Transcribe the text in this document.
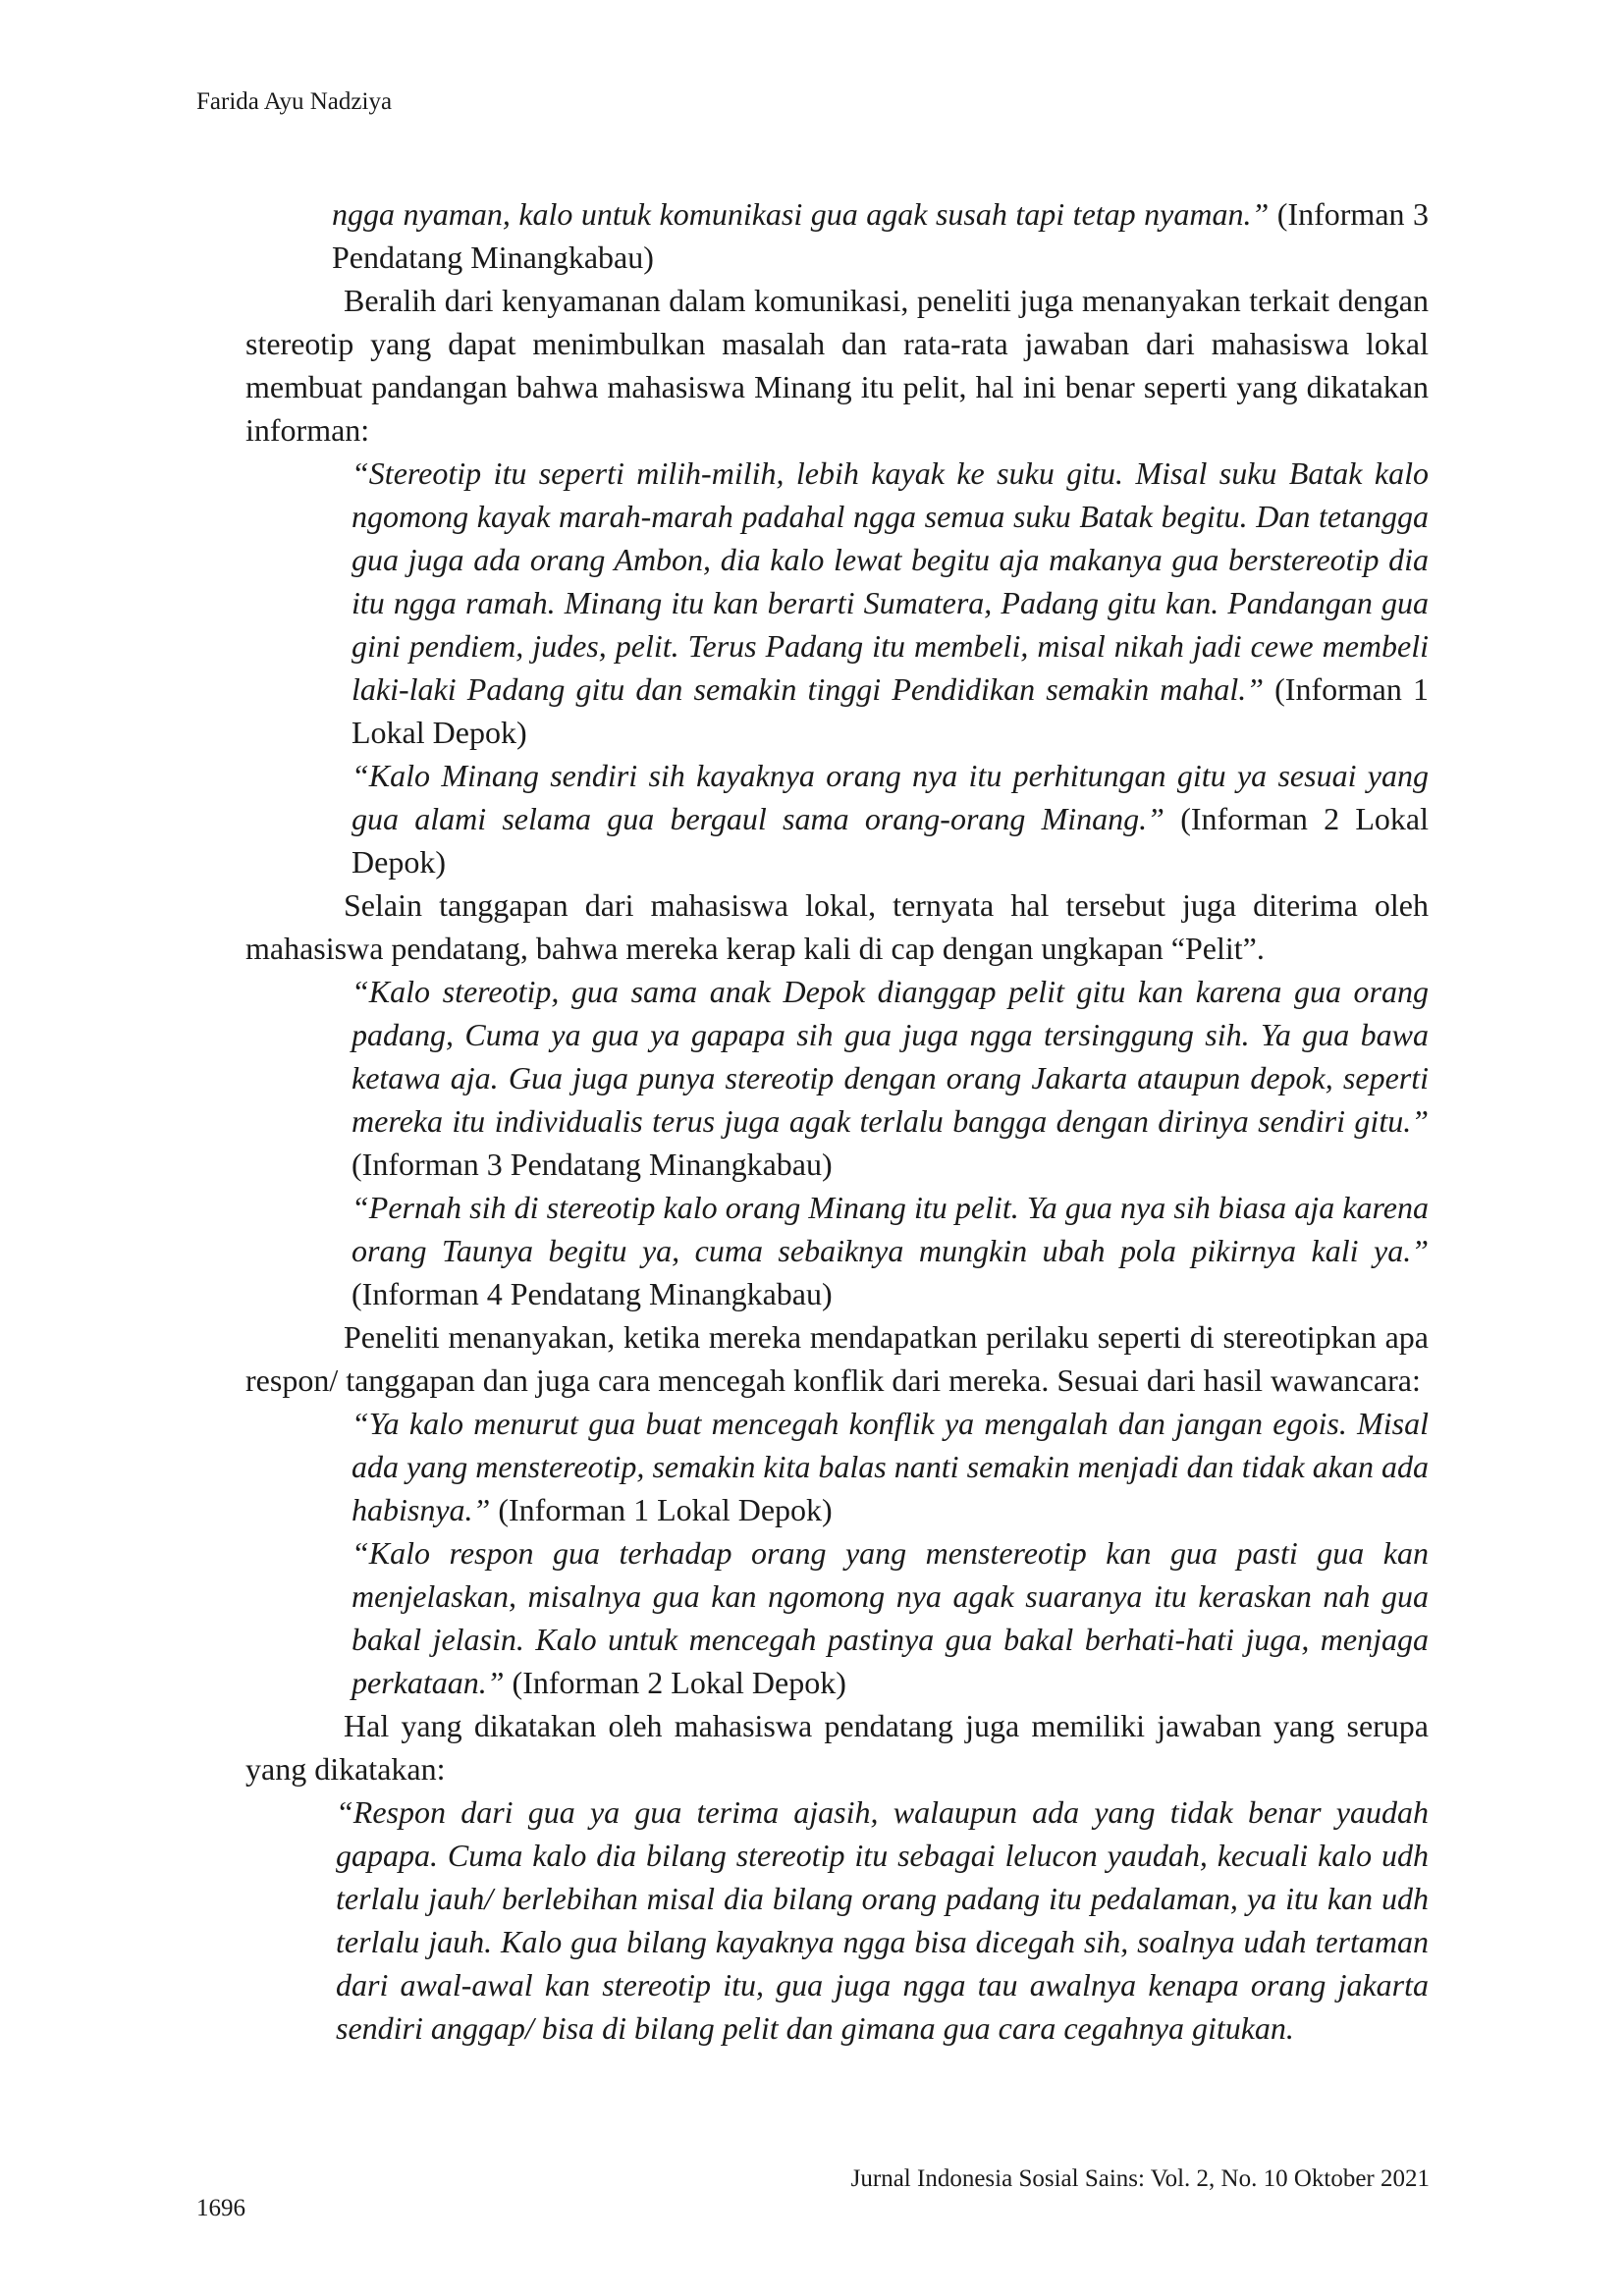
Farida Ayu Nadziya

ngga nyaman, kalo untuk komunikasi gua agak susah tapi tetap nyaman.” (Informan 3 Pendatang Minangkabau)

Beralih dari kenyamanan dalam komunikasi, peneliti juga menanyakan terkait dengan stereotip yang dapat menimbulkan masalah dan rata-rata jawaban dari mahasiswa lokal membuat pandangan bahwa mahasiswa Minang itu pelit, hal ini benar seperti yang dikatakan informan:

“Stereotip itu seperti milih-milih, lebih kayak ke suku gitu. Misal suku Batak kalo ngomong kayak marah-marah padahal ngga semua suku Batak begitu. Dan tetangga gua juga ada orang Ambon, dia kalo lewat begitu aja makanya gua berstereotip dia itu ngga ramah. Minang itu kan berarti Sumatera, Padang gitu kan. Pandangan gua gini pendiem, judes, pelit. Terus Padang itu membeli, misal nikah jadi cewe membeli laki-laki Padang gitu dan semakin tinggi Pendidikan semakin mahal.” (Informan 1 Lokal Depok)

“Kalo Minang sendiri sih kayaknya orang nya itu perhitungan gitu ya sesuai yang gua alami selama gua bergaul sama orang-orang Minang.” (Informan 2 Lokal Depok)

Selain tanggapan dari mahasiswa lokal, ternyata hal tersebut juga diterima oleh mahasiswa pendatang, bahwa mereka kerap kali di cap dengan ungkapan “Pelit”.

“Kalo stereotip, gua sama anak Depok dianggap pelit gitu kan karena gua orang padang, Cuma ya gua ya gapapa sih gua juga ngga tersinggung sih. Ya gua bawa ketawa aja. Gua juga punya stereotip dengan orang Jakarta ataupun depok, seperti mereka itu individualis terus juga agak terlalu bangga dengan dirinya sendiri gitu.” (Informan 3 Pendatang Minangkabau)

“Pernah sih di stereotip kalo orang Minang itu pelit. Ya gua nya sih biasa aja karena orang Taunya begitu ya, cuma sebaiknya mungkin ubah pola pikirnya kali ya.” (Informan 4 Pendatang Minangkabau)

Peneliti menanyakan, ketika mereka mendapatkan perilaku seperti di stereotipkan apa respon/ tanggapan dan juga cara mencegah konflik dari mereka. Sesuai dari hasil wawancara:

“Ya kalo menurut gua buat mencegah konflik ya mengalah dan jangan egois. Misal ada yang menstereotip, semakin kita balas nanti semakin menjadi dan tidak akan ada habisnya.” (Informan 1 Lokal Depok)

“Kalo respon gua terhadap orang yang menstereotip kan gua pasti gua kan menjelaskan, misalnya gua kan ngomong nya agak suaranya itu keraskan nah gua bakal jelasin. Kalo untuk mencegah pastinya gua bakal berhati-hati juga, menjaga perkataan.” (Informan 2 Lokal Depok)

Hal yang dikatakan oleh mahasiswa pendatang juga memiliki jawaban yang serupa yang dikatakan:

“Respon dari gua ya gua terima ajasih, walaupun ada yang tidak benar yaudah gapapa. Cuma kalo dia bilang stereotip itu sebagai lelucon yaudah, kecuali kalo udh terlalu jauh/ berlebihan misal dia bilang orang padang itu pedalaman, ya itu kan udh terlalu jauh. Kalo gua bilang kayaknya ngga bisa dicegah sih, soalnya udah tertaman dari awal-awal kan stereotip itu, gua juga ngga tau awalnya kenapa orang jakarta sendiri anggap/ bisa di bilang pelit dan gimana gua cara cegahnya gitukan.

Jurnal Indonesia Sosial Sains: Vol. 2, No. 10 Oktober 2021
1696
